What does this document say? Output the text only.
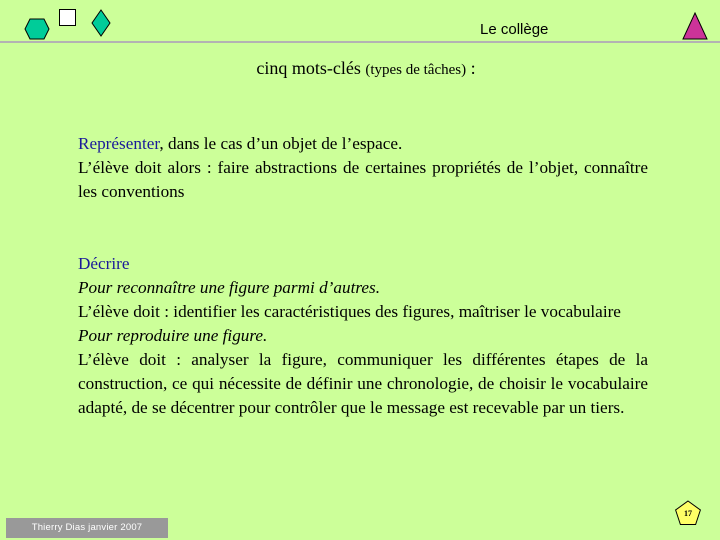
Le collège
cinq mots-clés (types de tâches) :

Représenter, dans le cas d’un objet de l’espace.

L’élève doit alors : faire abstractions de certaines propriétés de l’objet, connaître les conventions

Décrire

Pour reconnaître une figure parmi d’autres.

L’élève doit : identifier les caractéristiques des figures, maîtriser le vocabulaire

Pour reproduire une figure.

L’élève doit : analyser la figure, communiquer les différentes étapes de la construction, ce qui nécessite de définir une chronologie, de choisir le vocabulaire adapté, de se décentrer pour contrôler que le message est recevable par un tiers.

Thierry Dias janvier 2007
17
